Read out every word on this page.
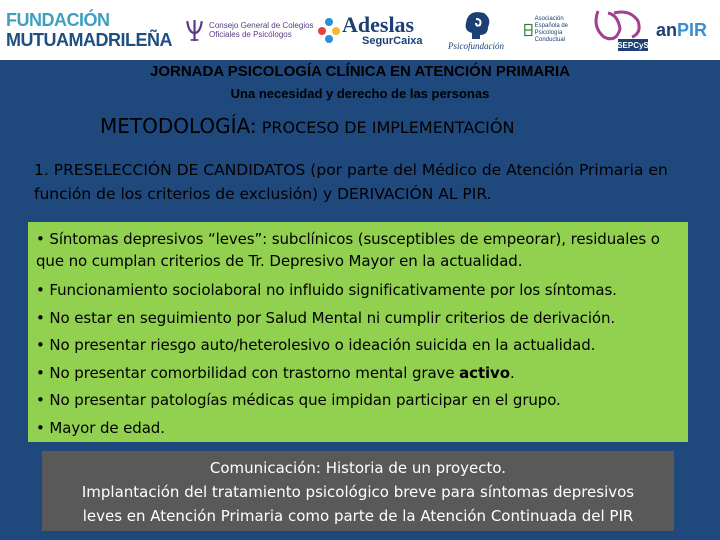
FUNDACIÓN
MUTUAMADRILEÑA
Consejo General de Colegios Oficiales de Psicólogos	Adeslas
SegurCaixa	Psicofundación
Asociación Española de Psicología Conductual
SEPCyS
anPIR
JORNADA PSICOLOGÍA CLÍNICA EN ATENCIÓN PRIMARIA
Una necesidad y derecho de las personas
METODOLOGÍA: PROCESO DE IMPLEMENTACIÓN
1. PRESELECCIÓN DE CANDIDATOS (por parte del Médico de Atención Primaria en función de los criterios de exclusión) y DERIVACIÓN AL PIR.
• Síntomas depresivos “leves”: subclínicos (susceptibles de empeorar), residuales o que no cumplan criterios de Tr. Depresivo Mayor en la actualidad.
• Funcionamiento sociolaboral no influido significativamente por los síntomas.
• No estar en seguimiento por Salud Mental ni cumplir criterios de derivación.
• No presentar riesgo auto/heterolesivo o ideación suicida en la actualidad.
• No presentar comorbilidad con trastorno mental grave activo.
• No presentar patologías médicas que impidan participar en el grupo.
• Mayor de edad.
Comunicación: Historia de un proyecto.
Implantación del tratamiento psicológico breve para síntomas depresivos
leves en Atención Primaria como parte de la Atención Continuada del PIR
